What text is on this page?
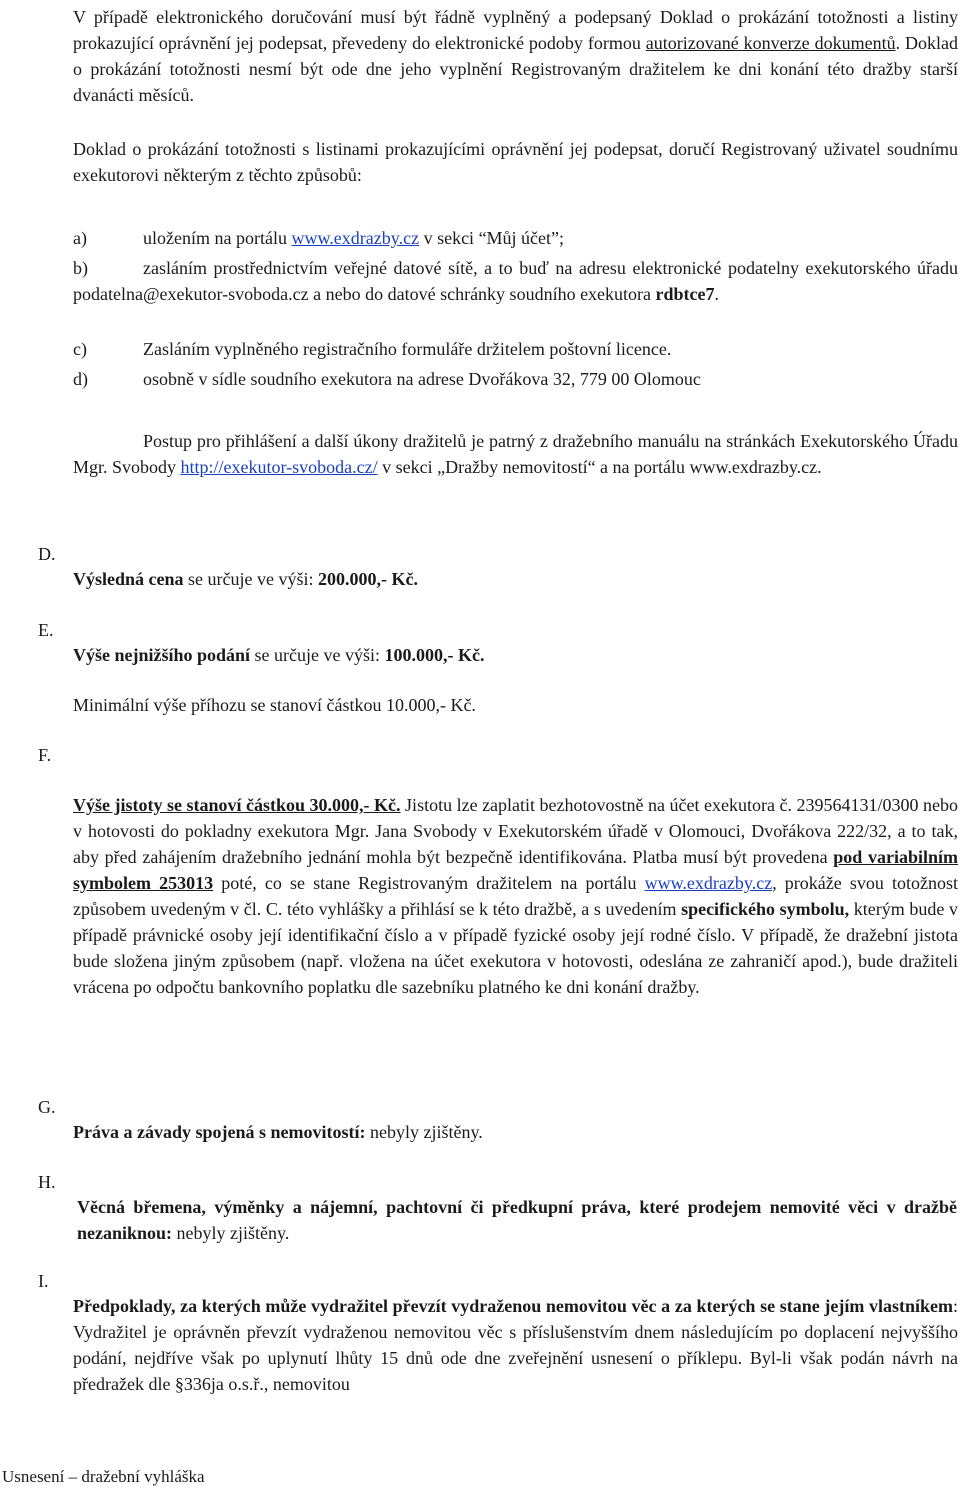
V případě elektronického doručování musí být řádně vyplněný a podepsaný Doklad o prokázání totožnosti a listiny prokazující oprávnění jej podepsat, převedeny do elektronické podoby formou autorizované konverze dokumentů. Doklad o prokázání totožnosti nesmí být ode dne jeho vyplnění Registrovaným dražitelem ke dni konání této dražby starší dvanácti měsíců.

Doklad o prokázání totožnosti s listinami prokazujícími oprávnění jej podepsat, doručí Registrovaný uživatel soudnímu exekutorovi některým z těchto způsobů:

a)	uložením na portálu www.exdrazby.cz v sekci “Můj účet”;
b)	zasláním prostřednictvím veřejné datové sítě, a to buď na adresu elektronické podatelny exekutorského úřadu podatelna@exekutor-svoboda.cz a nebo do datové schránky soudního exekutora rdbtce7.
c)	Zasláním vyplněného registračního formuláře držitelem poštovní licence.
d)	osobně v sídle soudního exekutora na adrese Dvořákova 32, 779 00 Olomouc

Postup pro přihlášení a další úkony dražitelů je patrný z dražebního manuálu na stránkách Exekutorského Úřadu Mgr. Svobody http://exekutor-svoboda.cz/ v sekci „Dražby nemovitostí“ a na portálu www.exdrazby.cz.

D.

Výsledná cena se určuje ve výši: 200.000,- Kč.

E.

Výše nejnižšího podání se určuje ve výši: 100.000,- Kč.

Minimální výše příhozu se stanoví částkou 10.000,- Kč.

F.

Výše jistoty se stanoví částkou 30.000,- Kč. Jistotu lze zaplatit bezhotovostně na účet exekutora č. 239564131/0300 nebo v hotovosti do pokladny exekutora Mgr. Jana Svobody v Exekutorském úřadě v Olomouci, Dvořákova 222/32, a to tak, aby před zahájením dražebního jednání mohla být bezpečně identifikována. Platba musí být provedena pod variabilním symbolem 253013 poté, co se stane Registrovaným dražitelem na portálu www.exdrazby.cz, prokáže svou totožnost způsobem uvedeným v čl. C. této vyhlášky a přihlásí se k této dražbě, a s uvedením specifického symbolu, kterým bude v případě právnické osoby její identifikační číslo a v případě fyzické osoby její rodné číslo. V případě, že dražební jistota bude složena jiným způsobem (např. vložena na účet exekutora v hotovosti, odeslána ze zahraničí apod.), bude dražiteli vrácena po odpočtu bankovního poplatku dle sazebníku platného ke dni konání dražby.

G.

Práva a závady spojená s nemovitostí: nebyly zjištěny.

H.

Věcná břemena, výměnky a nájemní, pachtovní či předkupní práva, které prodejem nemovité věci v dražbě nezaniknou: nebyly zjištěny.

I.

Předpoklady, za kterých může vydražitel převzít vydraženou nemovitou věc a za kterých se stane jejím vlastníkem: Vydražitel je oprávněn převzít vydraženou nemovitou věc s příslušenstvím dnem následujícím po doplacení nejvyššího podání, nejdříve však po uplynutí lhůty 15 dnů ode dne zveřejnění usnesení o příklepu. Byl-li však podán návrh na předražek dle §336ja o.s.ř., nemovitou

Usnesení – dražební vyhláška
